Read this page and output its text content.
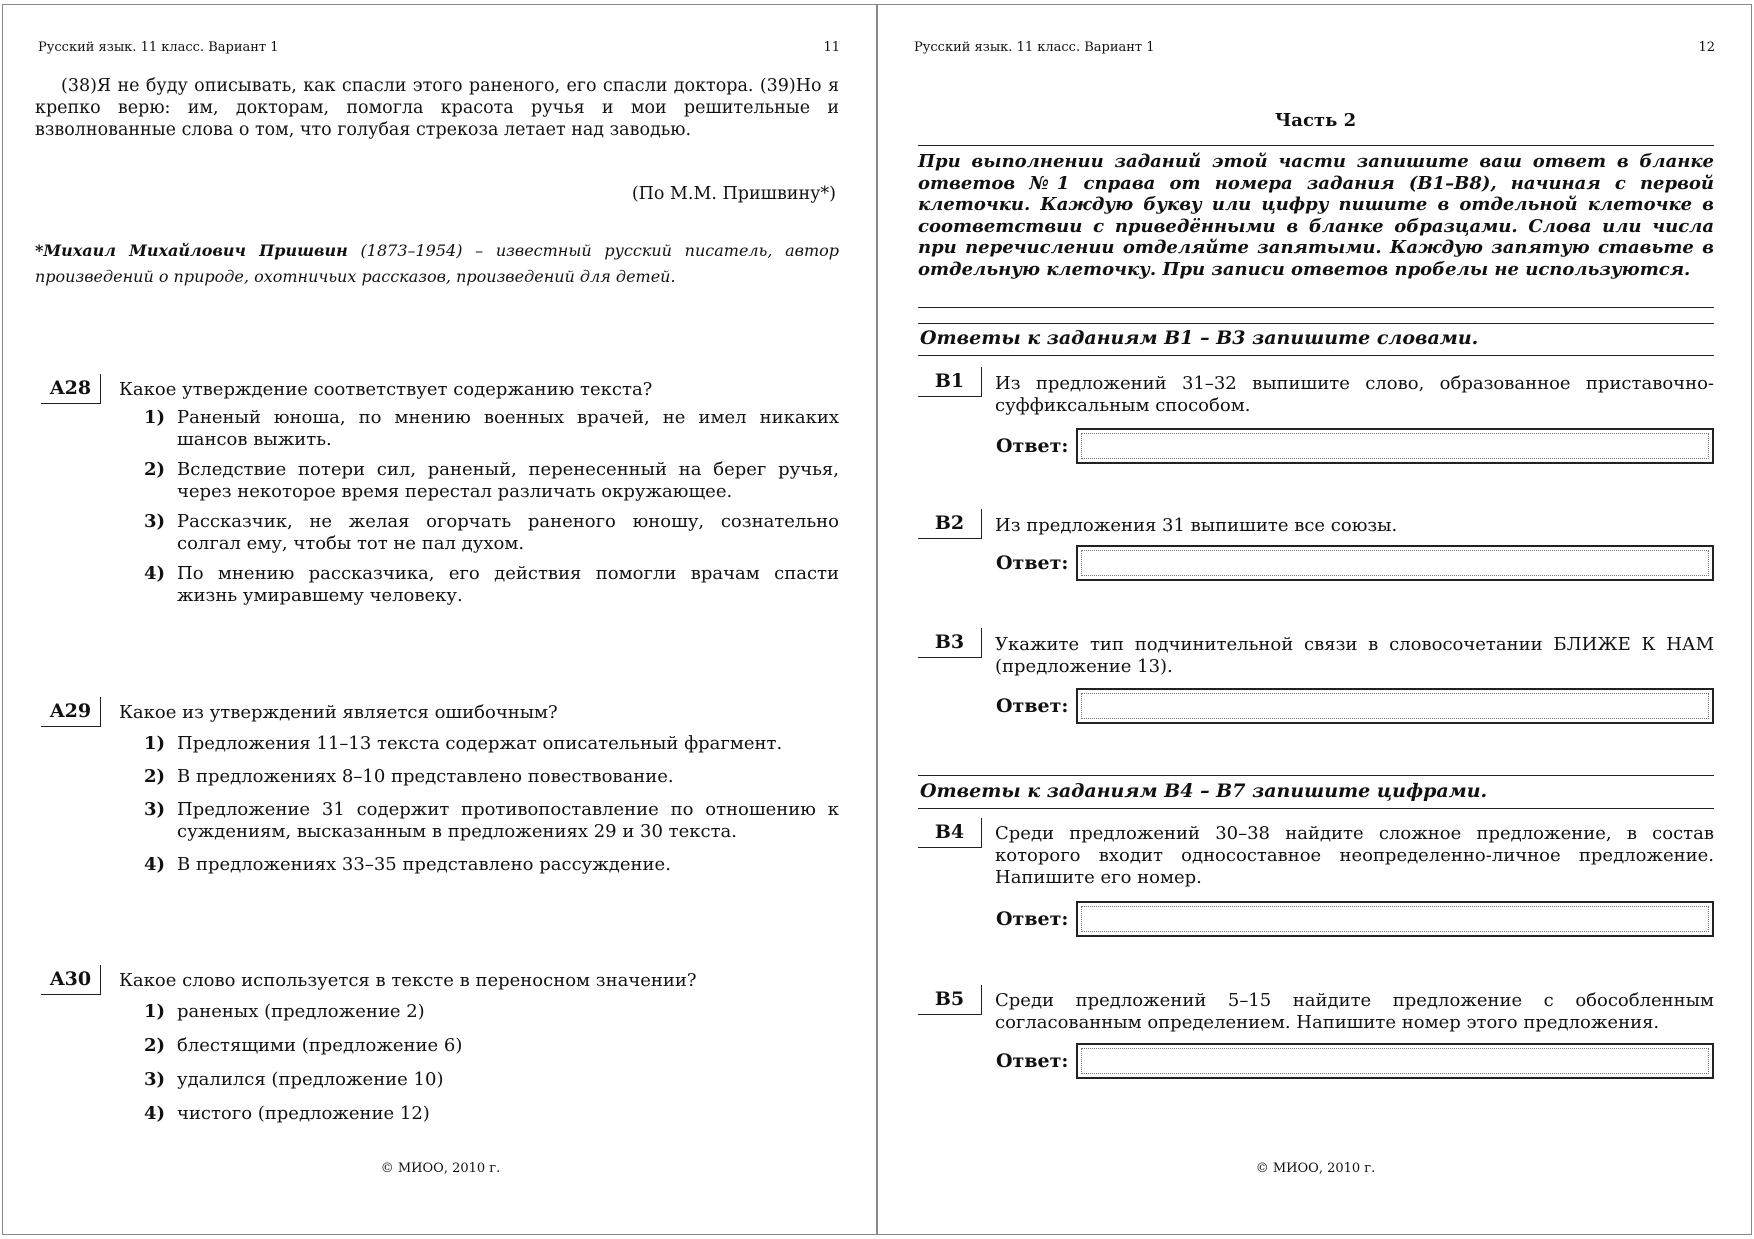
Русский язык. 11 класс. Вариант 1	11
(38)Я не буду описывать, как спасли этого раненого, его спасли доктора. (39)Но я крепко верю: им, докторам, помогла красота ручья и мои решительные и взволнованные слова о том, что голубая стрекоза летает над заводью.
(По М.М. Пришвину*)
*Михаил Михайлович Пришвин (1873–1954) – известный русский писатель, автор произведений о природе, охотничьих рассказов, произведений для детей.
A28	Какое утверждение соответствует содержанию текста?
1) Раненый юноша, по мнению военных врачей, не имел никаких шансов выжить.
2) Вследствие потери сил, раненый, перенесенный на берег ручья, через некоторое время перестал различать окружающее.
3) Рассказчик, не желая огорчать раненого юношу, сознательно солгал ему, чтобы тот не пал духом.
4) По мнению рассказчика, его действия помогли врачам спасти жизнь умиравшему человеку.
A29	Какое из утверждений является ошибочным?
1) Предложения 11–13 текста содержат описательный фрагмент.
2) В предложениях 8–10 представлено повествование.
3) Предложение 31 содержит противопоставление по отношению к суждениям, высказанным в предложениях 29 и 30 текста.
4) В предложениях 33–35 представлено рассуждение.
A30	Какое слово используется в тексте в переносном значении?
1) раненых (предложение 2)
2) блестящими (предложение 6)
3) удалился (предложение 10)
4) чистого (предложение 12)
© МИОО, 2010 г.
Русский язык. 11 класс. Вариант 1	12
Часть 2
При выполнении заданий этой части запишите ваш ответ в бланке ответов №1 справа от номера задания (В1–В8), начиная с первой клеточки. Каждую букву или цифру пишите в отдельной клеточке в соответствии с приведёнными в бланке образцами. Слова или числа при перечислении отделяйте запятыми. Каждую запятую ставьте в отдельную клеточку. При записи ответов пробелы не используются.
Ответы к заданиям В1 – В3 запишите словами.
B1	Из предложений 31–32 выпишите слово, образованное приставочно-суффиксальным способом.
Ответ:
B2	Из предложения 31 выпишите все союзы.
Ответ:
B3	Укажите тип подчинительной связи в словосочетании БЛИЖЕ К НАМ (предложение 13).
Ответ:
Ответы к заданиям В4 – В7 запишите цифрами.
B4	Среди предложений 30–38 найдите сложное предложение, в состав которого входит односоставное неопределенно-личное предложение. Напишите его номер.
Ответ:
B5	Среди предложений 5–15 найдите предложение с обособленным согласованным определением. Напишите номер этого предложения.
Ответ:
© МИОО, 2010 г.
